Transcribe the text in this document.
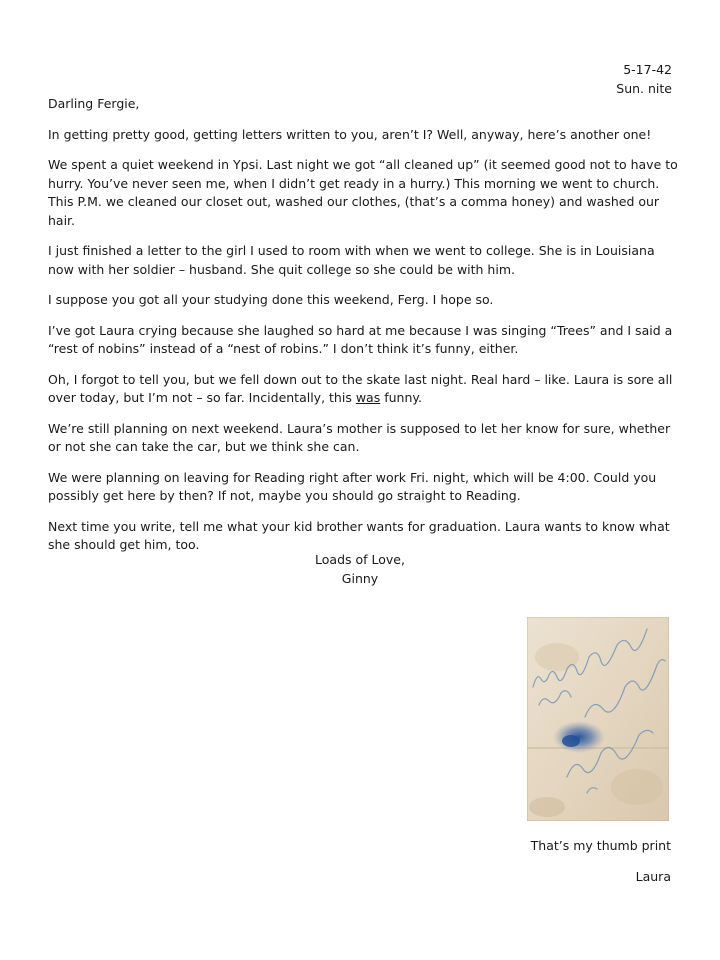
5-17-42
Sun. nite

Darling Fergie,

In getting pretty good, getting letters written to you, aren’t I? Well, anyway, here’s another one!

We spent a quiet weekend in Ypsi. Last night we got “all cleaned up” (it seemed good not to have to hurry. You’ve never seen me, when I didn’t get ready in a hurry.) This morning we went to church. This P.M. we cleaned our closet out, washed our clothes, (that’s a comma honey) and washed our hair.

I just finished a letter to the girl I used to room with when we went to college. She is in Louisiana now with her soldier – husband. She quit college so she could be with him.

I suppose you got all your studying done this weekend, Ferg. I hope so.

I’ve got Laura crying because she laughed so hard at me because I was singing “Trees” and I said a “rest of nobins” instead of a “nest of robins.” I don’t think it’s funny, either.

Oh, I forgot to tell you, but we fell down out to the skate last night. Real hard – like. Laura is sore all over today, but I’m not – so far. Incidentally, this was funny.

We’re still planning on next weekend. Laura’s mother is supposed to let her know for sure, whether or not she can take the car, but we think she can.

We were planning on leaving for Reading right after work Fri. night, which will be 4:00. Could you possibly get here by then? If not, maybe you should go straight to Reading.

Next time you write, tell me what your kid brother wants for graduation. Laura wants to know what she should get him, too.

Loads of Love,
Ginny
That’s my thumb print
Laura
